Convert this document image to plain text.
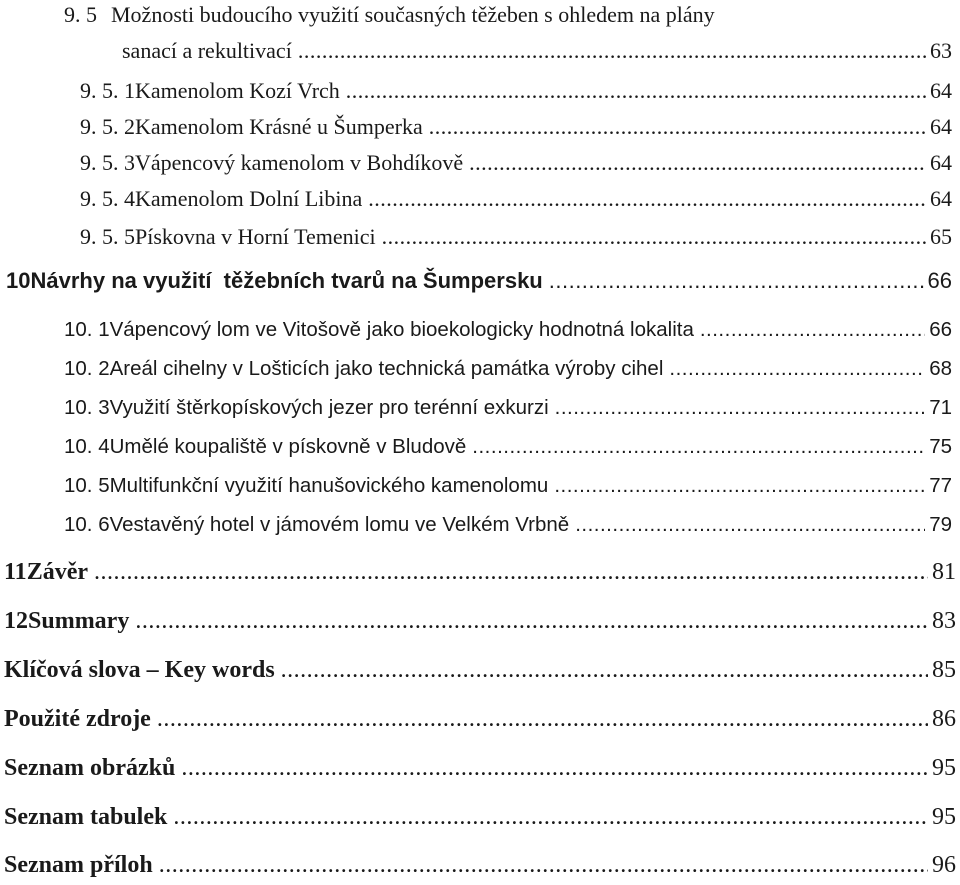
9. 5 Možnosti budoucího využití současných těžeben s ohledem na plány
sanací a rekultivací .....	63
9. 5. 1 Kamenolom Kozí Vrch .....	64
9. 5. 2 Kamenolom Krásné u Šumperka .....	64
9. 5. 3 Vápencový kamenolom v Bohdíkově .....	64
9. 5. 4 Kamenolom Dolní Libina .....	64
9. 5. 5 Pískovna v Horní Temenici .....	65
10 Návrhy na využití  těžebních tvarů na Šumpersku .....	66
10. 1 Vápencový lom ve Vitošově jako bioekologicky hodnotná lokalita .....	66
10. 2 Areál cihelny v Lošticích jako technická památka výroby cihel .....	68
10. 3 Využití štěrkopískových jezer pro terénní exkurzi .....	71
10. 4 Umělé koupaliště v pískovně v Bludově .....	75
10. 5 Multifunkční využití hanušovického kamenolomu .....	77
10. 6 Vestavěný hotel v jámovém lomu ve Velkém Vrbně .....	79
11 Závěr .....	81
12 Summary .....	83
Klíčová slova – Key words .....	85
Použité zdroje .....	86
Seznam obrázků .....	95
Seznam tabulek .....	95
Seznam příloh .....	96
